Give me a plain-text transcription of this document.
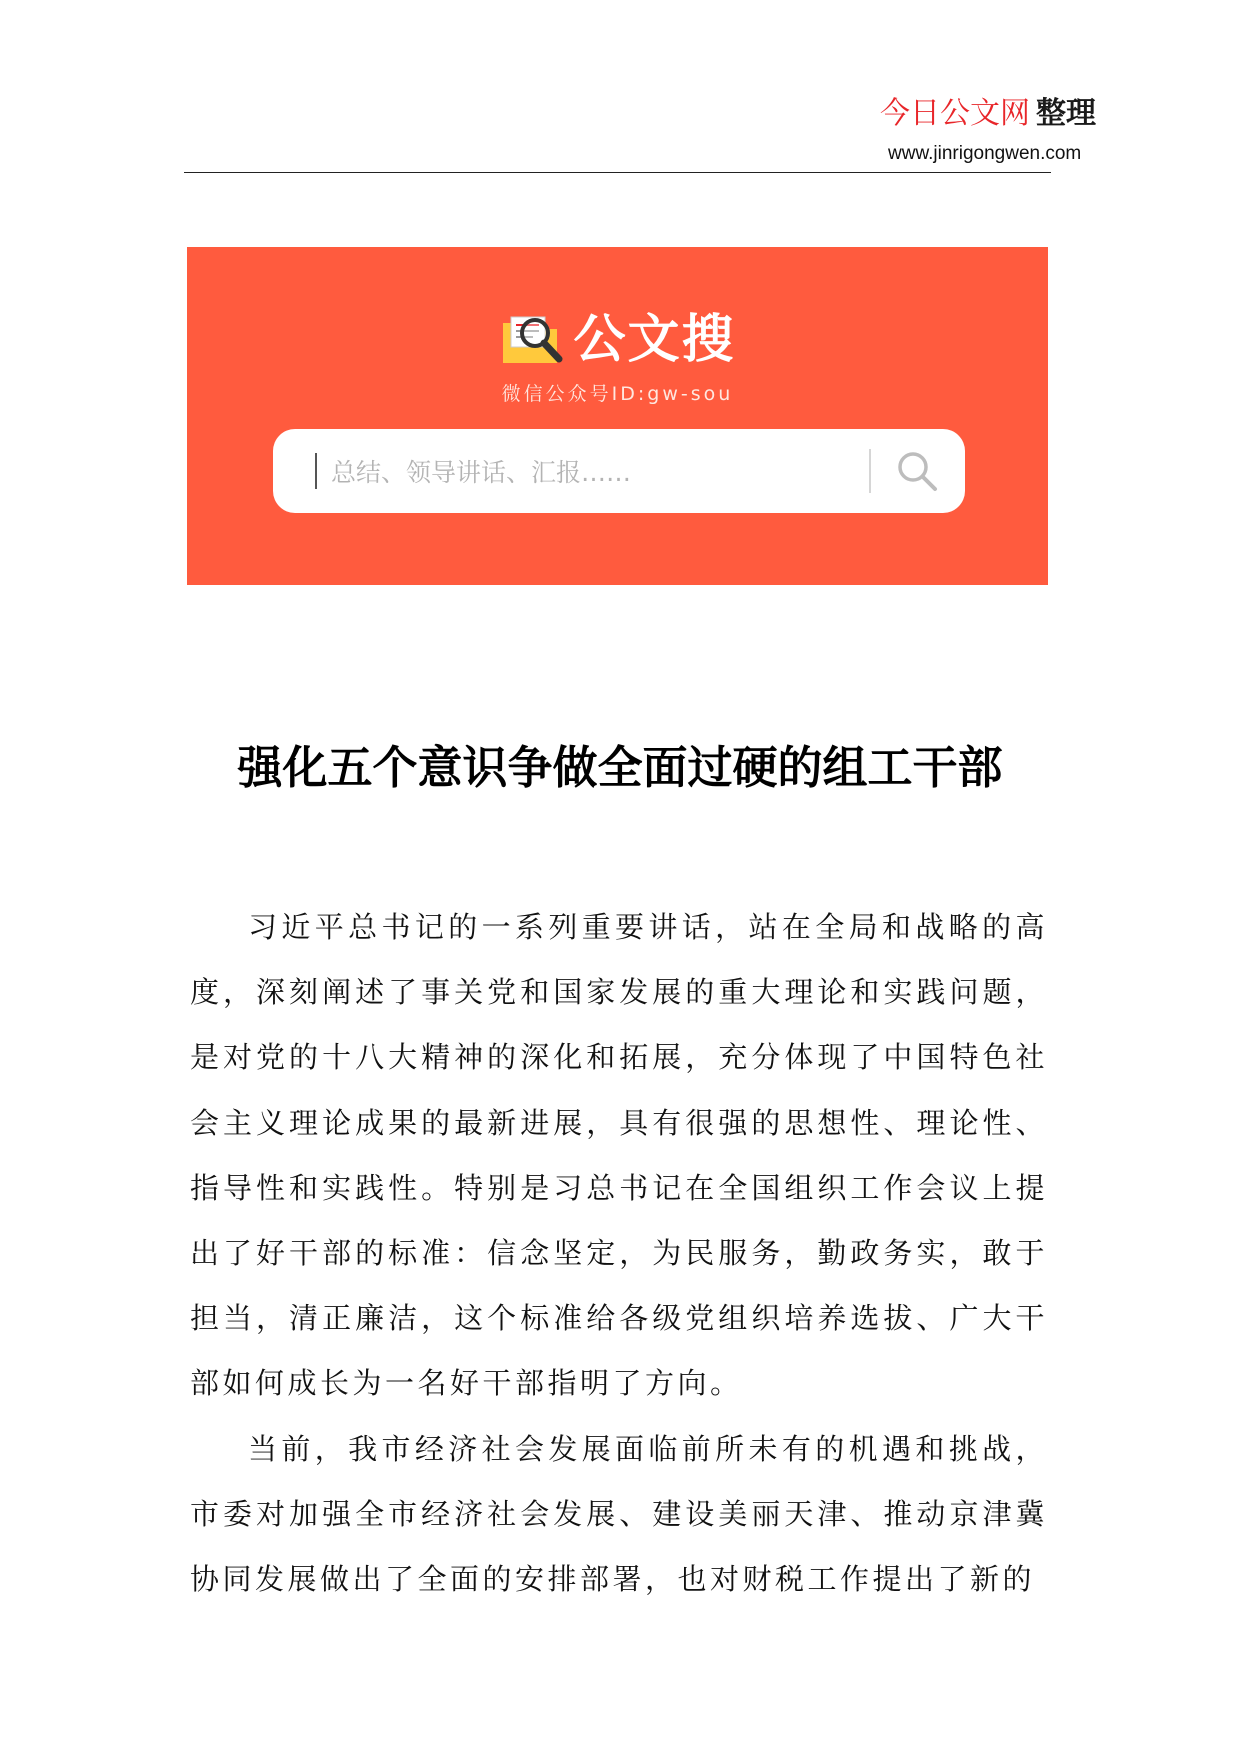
今日公文网 整理
www.jinrigongwen.com
公文搜
微信公众号ID:gw-sou
总结、领导讲话、汇报……
强化五个意识争做全面过硬的组工干部

习近平总书记的一系列重要讲话，站在全局和战略的高度，深刻阐述了事关党和国家发展的重大理论和实践问题，是对党的十八大精神的深化和拓展，充分体现了中国特色社会主义理论成果的最新进展，具有很强的思想性、理论性、指导性和实践性。特别是习总书记在全国组织工作会议上提出了好干部的标准：信念坚定，为民服务，勤政务实，敢于担当，清正廉洁，这个标准给各级党组织培养选拔、广大干部如何成长为一名好干部指明了方向。

当前，我市经济社会发展面临前所未有的机遇和挑战，市委对加强全市经济社会发展、建设美丽天津、推动京津冀协同发展做出了全面的安排部署，也对财税工作提出了新的
